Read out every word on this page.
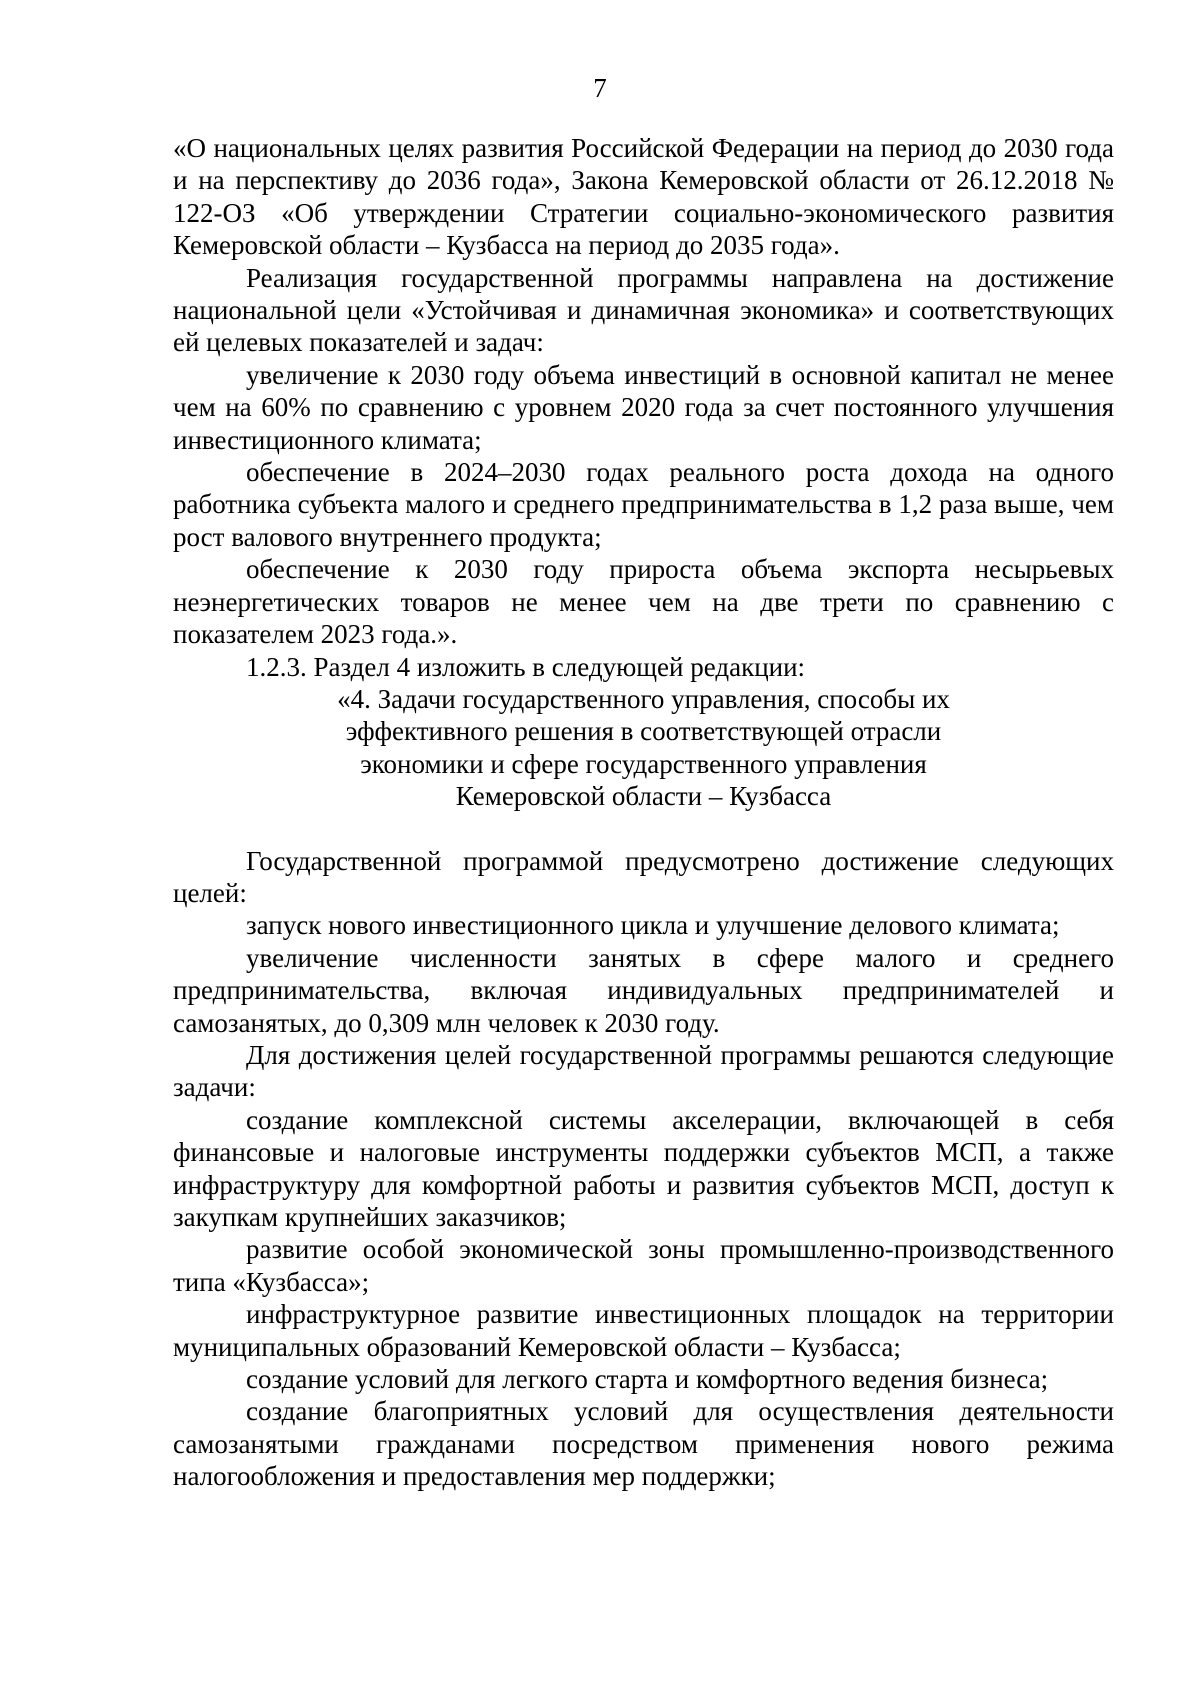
7

«О национальных целях развития Российской Федерации на период до 2030 года и на перспективу до 2036 года», Закона Кемеровской области от 26.12.2018 № 122-ОЗ «Об утверждении Стратегии социально-экономического развития Кемеровской области – Кузбасса на период до 2035 года».

Реализация государственной программы направлена на достижение национальной цели «Устойчивая и динамичная экономика» и соответствующих ей целевых показателей и задач:

увеличение к 2030 году объема инвестиций в основной капитал не менее чем на 60% по сравнению с уровнем 2020 года за счет постоянного улучшения инвестиционного климата;

обеспечение в 2024–2030 годах реального роста дохода на одного работника субъекта малого и среднего предпринимательства в 1,2 раза выше, чем рост валового внутреннего продукта;

обеспечение к 2030 году прироста объема экспорта несырьевых неэнергетических товаров не менее чем на две трети по сравнению с показателем 2023 года.».

1.2.3. Раздел 4 изложить в следующей редакции:

«4. Задачи государственного управления, способы их
эффективного решения в соответствующей отрасли
экономики и сфере государственного управления
Кемеровской области – Кузбасса

Государственной программой предусмотрено достижение следующих целей:

запуск нового инвестиционного цикла и улучшение делового климата;

увеличение численности занятых в сфере малого и среднего предпринимательства, включая индивидуальных предпринимателей и самозанятых, до 0,309 млн человек к 2030 году.

Для достижения целей государственной программы решаются следующие задачи:

создание комплексной системы акселерации, включающей в себя финансовые и налоговые инструменты поддержки субъектов МСП, а также инфраструктуру для комфортной работы и развития субъектов МСП, доступ к закупкам крупнейших заказчиков;

развитие особой экономической зоны промышленно-производственного типа «Кузбасса»;

инфраструктурное развитие инвестиционных площадок на территории муниципальных образований Кемеровской области – Кузбасса;

создание условий для легкого старта и комфортного ведения бизнеса;

создание благоприятных условий для осуществления деятельности самозанятыми гражданами посредством применения нового режима налогообложения и предоставления мер поддержки;
